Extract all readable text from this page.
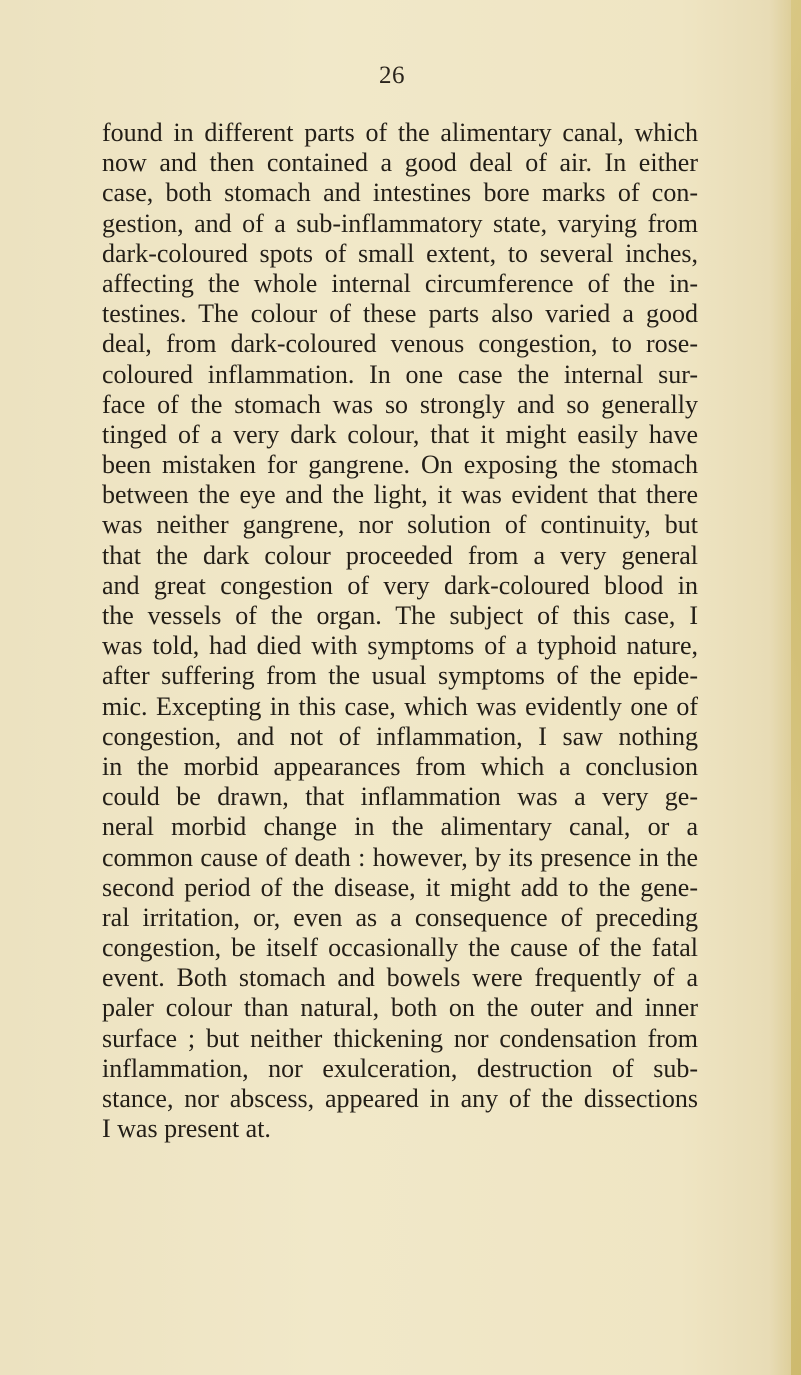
26
found in different parts of the alimentary canal, which
now and then contained a good deal of air. In either
case, both stomach and intestines bore marks of con-
gestion, and of a sub-inflammatory state, varying from
dark-coloured spots of small extent, to several inches,
affecting the whole internal circumference of the in-
testines. The colour of these parts also varied a good
deal, from dark-coloured venous congestion, to rose-
coloured inflammation. In one case the internal sur-
face of the stomach was so strongly and so generally
tinged of a very dark colour, that it might easily have
been mistaken for gangrene. On exposing the stomach
between the eye and the light, it was evident that there
was neither gangrene, nor solution of continuity, but
that the dark colour proceeded from a very general
and great congestion of very dark-coloured blood in
the vessels of the organ. The subject of this case, I
was told, had died with symptoms of a typhoid nature,
after suffering from the usual symptoms of the epide-
mic. Excepting in this case, which was evidently one of
congestion, and not of inflammation, I saw nothing
in the morbid appearances from which a conclusion
could be drawn, that inflammation was a very ge-
neral morbid change in the alimentary canal, or a
common cause of death : however, by its presence in the
second period of the disease, it might add to the gene-
ral irritation, or, even as a consequence of preceding
congestion, be itself occasionally the cause of the fatal
event. Both stomach and bowels were frequently of a
paler colour than natural, both on the outer and inner
surface ; but neither thickening nor condensation from
inflammation, nor exulceration, destruction of sub-
stance, nor abscess, appeared in any of the dissections
I was present at.
